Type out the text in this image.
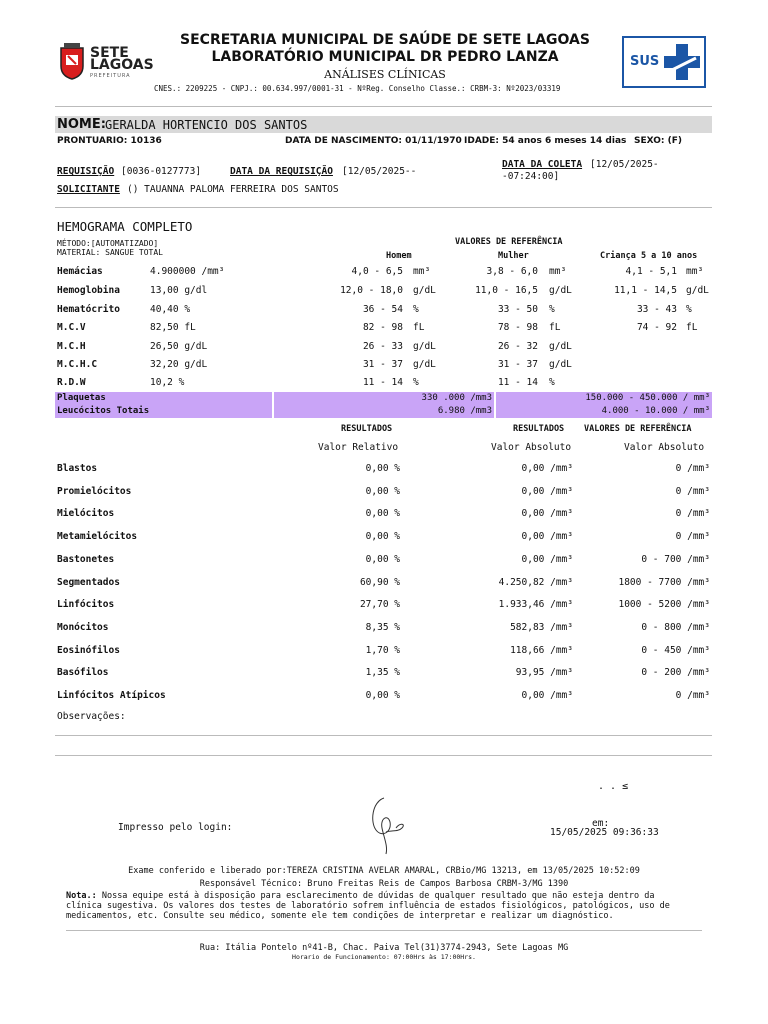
SETE
LAGOAS
PREFEITURA
SECRETARIA MUNICIPAL DE SAÚDE DE SETE LAGOAS
LABORATÓRIO MUNICIPAL DR PEDRO LANZA
ANÁLISES CLÍNICAS
CNES.: 2209225 - CNPJ.: 00.634.997/0001-31 - NºReg. Conselho Classe.: CRBM-3: Nº2023/03319
SUS
NOME: GERALDA HORTENCIO DOS SANTOS
PRONTUARIO: 10136	DATA DE NASCIMENTO: 01/11/1970 IDADE: 54 anos 6 meses 14 dias SEXO: (F)
REQUISIÇÃO [0036-0127773]	DATA DA REQUISIÇÃO [12/05/2025--
DATA DA COLETA [12/05/2025-
-07:24:00]
SOLICITANTE () TAUANNA PALOMA FERREIRA DOS SANTOS
HEMOGRAMA COMPLETO
MÉTODO:[AUTOMATIZADO]
MATERIAL: SANGUE TOTAL
VALORES DE REFERÊNCIA
Homem	Mulher	Criança 5 a 10 anos
Hemácias	4.900000 /mm³	4,0 - 6,5 mm³	3,8 - 6,0 mm³	4,1 - 5,1 mm³
Hemoglobina	13,00 g/dl	12,0 - 18,0 g/dL	11,0 - 16,5 g/dL	11,1 - 14,5 g/dL
Hematócrito	40,40 %	36 - 54 %	33 - 50 %	33 - 43 %
M.C.V	82,50 fL	82 - 98 fL	78 - 98 fL	74 - 92 fL
M.C.H	26,50 g/dL	26 - 33 g/dL	26 - 32 g/dL
M.C.H.C	32,20 g/dL	31 - 37 g/dL	31 - 37 g/dL
R.D.W	10,2 %	11 - 14 %	11 - 14 %
Plaquetas	330 .000 /mm3	150.000 - 450.000 / mm³
Leucócitos Totais	6.980 /mm3	4.000 - 10.000 / mm³
RESULTADOS	RESULTADOS VALORES DE REFERÊNCIA
Valor Relativo	Valor Absoluto	Valor Absoluto
Blastos	0,00 %	0,00 /mm³	0 /mm³
Promielócitos	0,00 %	0,00 /mm³	0 /mm³
Mielócitos	0,00 %	0,00 /mm³	0 /mm³
Metamielócitos	0,00 %	0,00 /mm³	0 /mm³
Bastonetes	0,00 %	0,00 /mm³	0 - 700 /mm³
Segmentados	60,90 %	4.250,82 /mm³	1800 - 7700 /mm³
Linfócitos	27,70 %	1.933,46 /mm³	1000 - 5200 /mm³
Monócitos	8,35 %	582,83 /mm³	0 - 800 /mm³
Eosinófilos	1,70 %	118,66 /mm³	0 - 450 /mm³
Basófilos	1,35 %	93,95 /mm³	0 - 200 /mm³
Linfócitos Atípicos	0,00 %	0,00 /mm³	0 /mm³
Observações:
. . ≤
Impresso pelo login:	em:
15/05/2025 09:36:33
Exame conferido e liberado por:TEREZA CRISTINA AVELAR AMARAL, CRBio/MG 13213, em 13/05/2025 10:52:09
Responsável Técnico: Bruno Freitas Reis de Campos Barbosa CRBM-3/MG 1390
Nota.: Nossa equipe está à disposição para esclarecimento de dúvidas de qualquer resultado que não esteja dentro da
clínica sugestiva. Os valores dos testes de laboratório sofrem influência de estados fisiológicos, patológicos, uso de
medicamentos, etc. Consulte seu médico, somente ele tem condições de interpretar e realizar um diagnóstico.
Rua: Itália Pontelo nº41-B, Chac. Paiva Tel(31)3774-2943, Sete Lagoas MG
Horario de Funcionamento: 07:00Hrs às 17:00Hrs.
